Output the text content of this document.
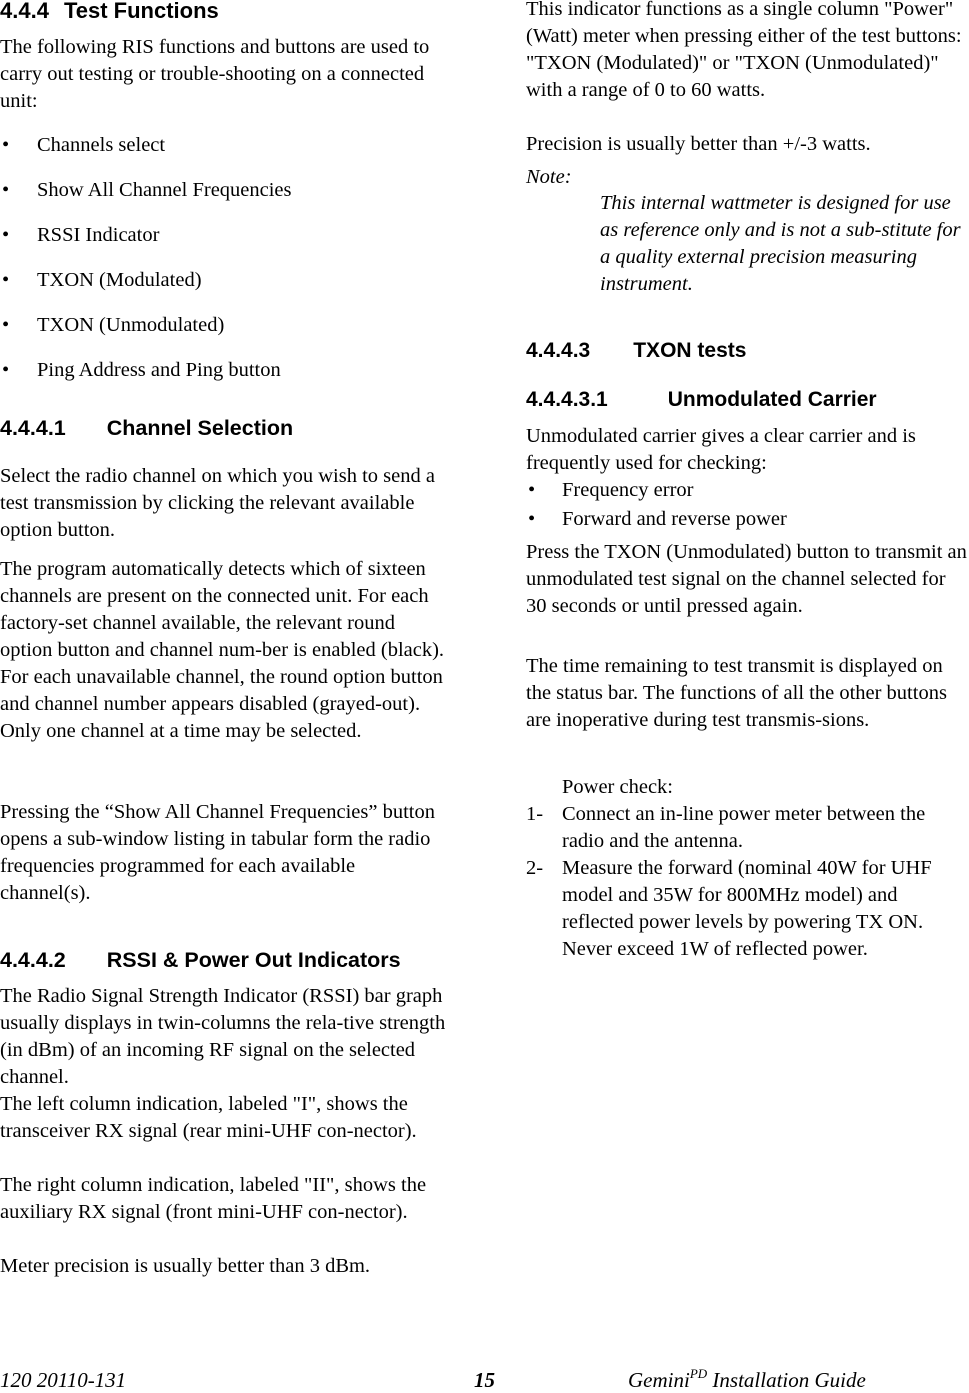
4.4.4 Test Functions

The following RIS functions and buttons are used to carry out testing or trouble-shooting on a connected unit:

• Channels select
• Show All Channel Frequencies
• RSSI Indicator
• TXON (Modulated)
• TXON (Unmodulated)
• Ping Address and Ping button
4.4.4.1 Channel Selection

Select the radio channel on which you wish to send a test transmission by clicking the relevant available option button.

The program automatically detects which of sixteen channels are present on the connected unit. For each factory-set channel available, the relevant round option button and channel num-ber is enabled (black). For each unavailable channel, the round option button and channel number appears disabled (grayed-out). Only one channel at a time may be selected.

Pressing the “Show All Channel Frequencies” button opens a sub-window listing in tabular form the radio frequencies programmed for each available channel(s).

4.4.4.2 RSSI & Power Out Indicators

The Radio Signal Strength Indicator (RSSI) bar graph usually displays in twin-columns the rela-tive strength (in dBm) of an incoming RF signal on the selected channel.

The left column indication, labeled "I", shows the transceiver RX signal (rear mini-UHF con-nector).

The right column indication, labeled "II", shows the auxiliary RX signal (front mini-UHF con-nector).

Meter precision is usually better than 3 dBm.

This indicator functions as a single column "Power" (Watt) meter when pressing either of the test buttons: "TXON (Modulated)" or "TXON (Unmodulated)" with a range of 0 to 60 watts.

Precision is usually better than +/-3 watts.

Note:
This internal wattmeter is designed for use as reference only and is not a sub-stitute for a quality external precision measuring instrument.
4.4.4.3 TXON tests
4.4.4.3.1	Unmodulated Carrier

Unmodulated carrier gives a clear carrier and is frequently used for checking:

• Frequency error
• Forward and reverse power

Press the TXON (Unmodulated) button to transmit an unmodulated test signal on the channel selected for 30 seconds or until pressed again.

The time remaining to test transmit is displayed on the status bar. The functions of all the other buttons are inoperative during test transmis-sions.

Power check:
1- Connect an in-line power meter between the radio and the antenna.
2- Measure the forward (nominal 40W for UHF model and 35W for 800MHz model) and reflected power levels by powering TX ON. Never exceed 1W of reflected power.
120 20110-131	15	Gemini$^{PD}$ Installation Guide
